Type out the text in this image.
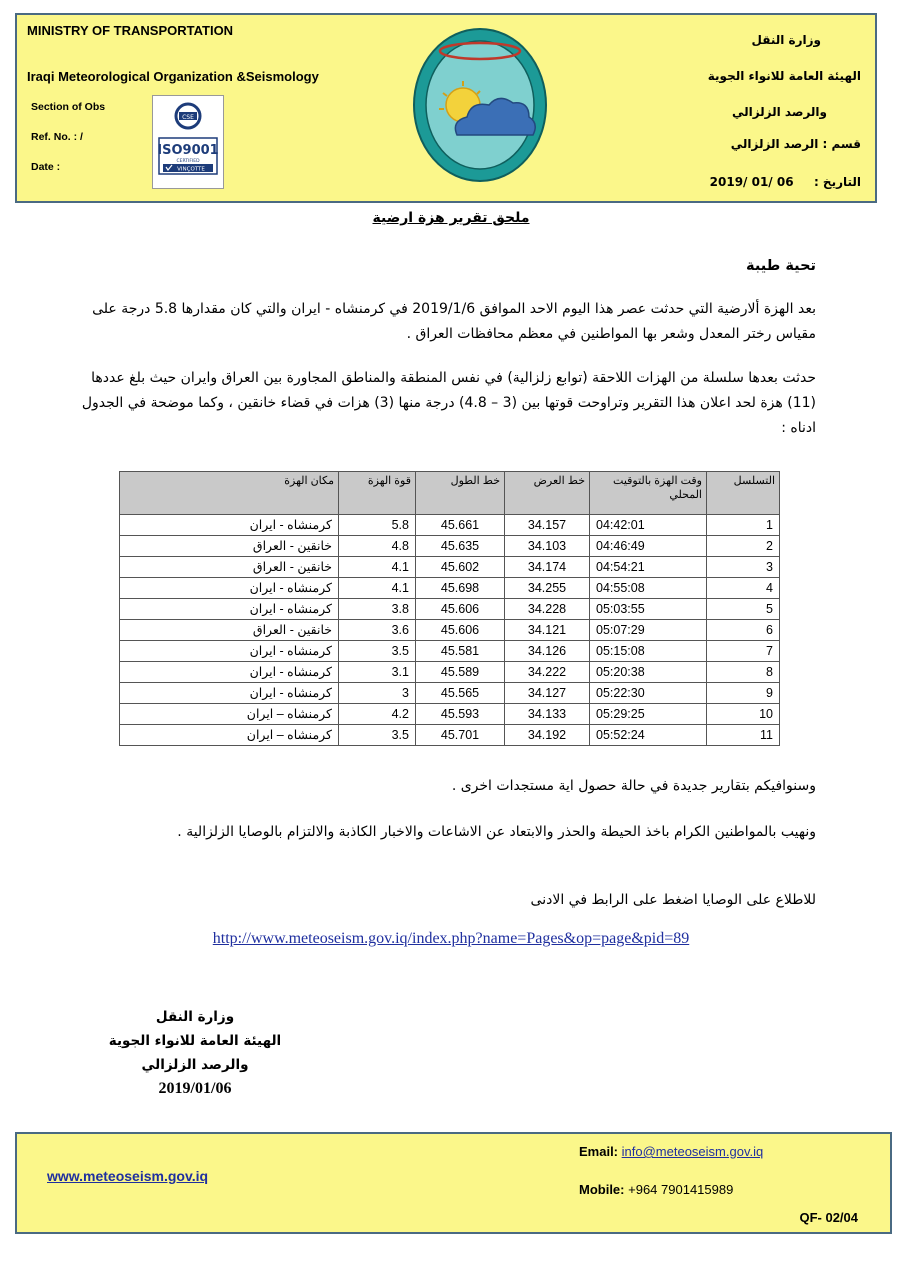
MINISTRY OF TRANSPORTATION
Iraqi Meteorological Organization &Seismology
Section of Obs
Ref. No. : /
Date :
CSE
ISO9001
CERTIFIED
VINÇOTTE
وزارة النقل
الهيئة العامة للانواء الجوية
والرصد الزلزالي
قسم : الرصد الزلزالي
التاريخ :  2019/ 01/ 06
ملحق تقرير هزة ارضية
تحية طيبة
بعد الهزة ألارضية التي حدثت عصر هذا اليوم الاحد الموافق 2019/1/6 في كرمنشاه - ايران والتي كان مقدارها 5.8 درجة على مقياس رختر المعدل وشعر بها المواطنين في معظم محافظات العراق .
حدثت بعدها سلسلة من الهزات اللاحقة (توابع زلزالية) في نفس المنطقة والمناطق المجاورة بين العراق وايران حيث بلغ عددها (11) هزة لحد اعلان هذا التقرير وتراوحت قوتها بين (3 – 4.8) درجة منها (3) هزات في قضاء خانقين ، وكما موضحة في الجدول ادناه :
التسلسل	وقت الهزة بالتوقيت المحلي	خط العرض	خط الطول	قوة الهزة	مكان الهزة
1	04:42:01	34.157	45.661	5.8	كرمنشاه - ايران
2	04:46:49	34.103	45.635	4.8	خانقين - العراق
3	04:54:21	34.174	45.602	4.1	خانقين - العراق
4	04:55:08	34.255	45.698	4.1	كرمنشاه - ايران
5	05:03:55	34.228	45.606	3.8	كرمنشاه - ايران
6	05:07:29	34.121	45.606	3.6	خانقين - العراق
7	05:15:08	34.126	45.581	3.5	كرمنشاه - ايران
8	05:20:38	34.222	45.589	3.1	كرمنشاه - ايران
9	05:22:30	34.127	45.565	3	كرمنشاه - ايران
10	05:29:25	34.133	45.593	4.2	كرمنشاه – ايران
11	05:52:24	34.192	45.701	3.5	كرمنشاه – ايران
وسنوافيكم بتقارير جديدة في حالة حصول اية مستجدات اخرى .
ونهيب بالمواطنين الكرام باخذ الحيطة والحذر والابتعاد عن الاشاعات والاخبار الكاذبة والالتزام بالوصايا الزلزالية .
للاطلاع على الوصايا اضغط على الرابط في الادنى
http://www.meteoseism.gov.iq/index.php?name=Pages&op=page&pid=89
وزارة النقل
الهيئة العامة للانواء الجوية
والرصد الزلزالي
2019/01/06
www.meteoseism.gov.iq
Email: info@meteoseism.gov.iq
Mobile: +964 7901415989
QF- 02/04
